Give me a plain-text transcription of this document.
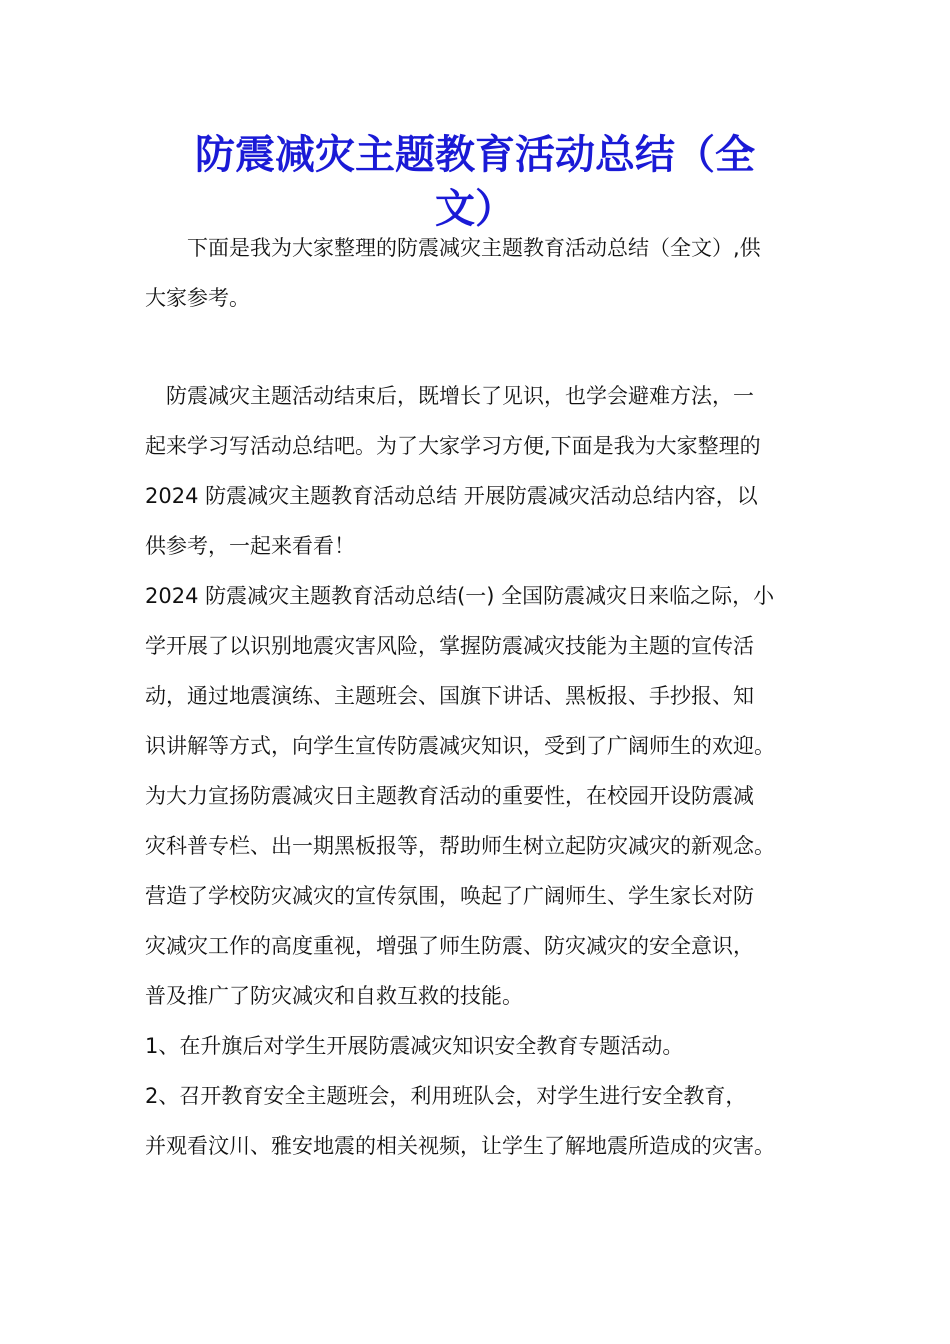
防震减灾主题教育活动总结（全
文）
　　下面是我为大家整理的防震减灾主题教育活动总结（全文）,供
大家参考。
　防震减灾主题活动结束后，既增长了见识，也学会避难方法，一
起来学习写活动总结吧。为了大家学习方便,下面是我为大家整理的
2024 防震减灾主题教育活动总结 开展防震减灾活动总结内容，以
供参考，一起来看看！
2024 防震减灾主题教育活动总结(一) 全国防震减灾日来临之际，小
学开展了以识别地震灾害风险，掌握防震减灾技能为主题的宣传活
动，通过地震演练、主题班会、国旗下讲话、黑板报、手抄报、知
识讲解等方式，向学生宣传防震减灾知识，受到了广阔师生的欢迎。
为大力宣扬防震减灾日主题教育活动的重要性，在校园开设防震减
灾科普专栏、出一期黑板报等，帮助师生树立起防灾减灾的新观念。
营造了学校防灾减灾的宣传氛围，唤起了广阔师生、学生家长对防
灾减灾工作的高度重视，增强了师生防震、防灾减灾的安全意识，
普及推广了防灾减灾和自救互救的技能。
1、在升旗后对学生开展防震减灾知识安全教育专题活动。
2、召开教育安全主题班会，利用班队会，对学生进行安全教育，
并观看汶川、雅安地震的相关视频，让学生了解地震所造成的灾害。
